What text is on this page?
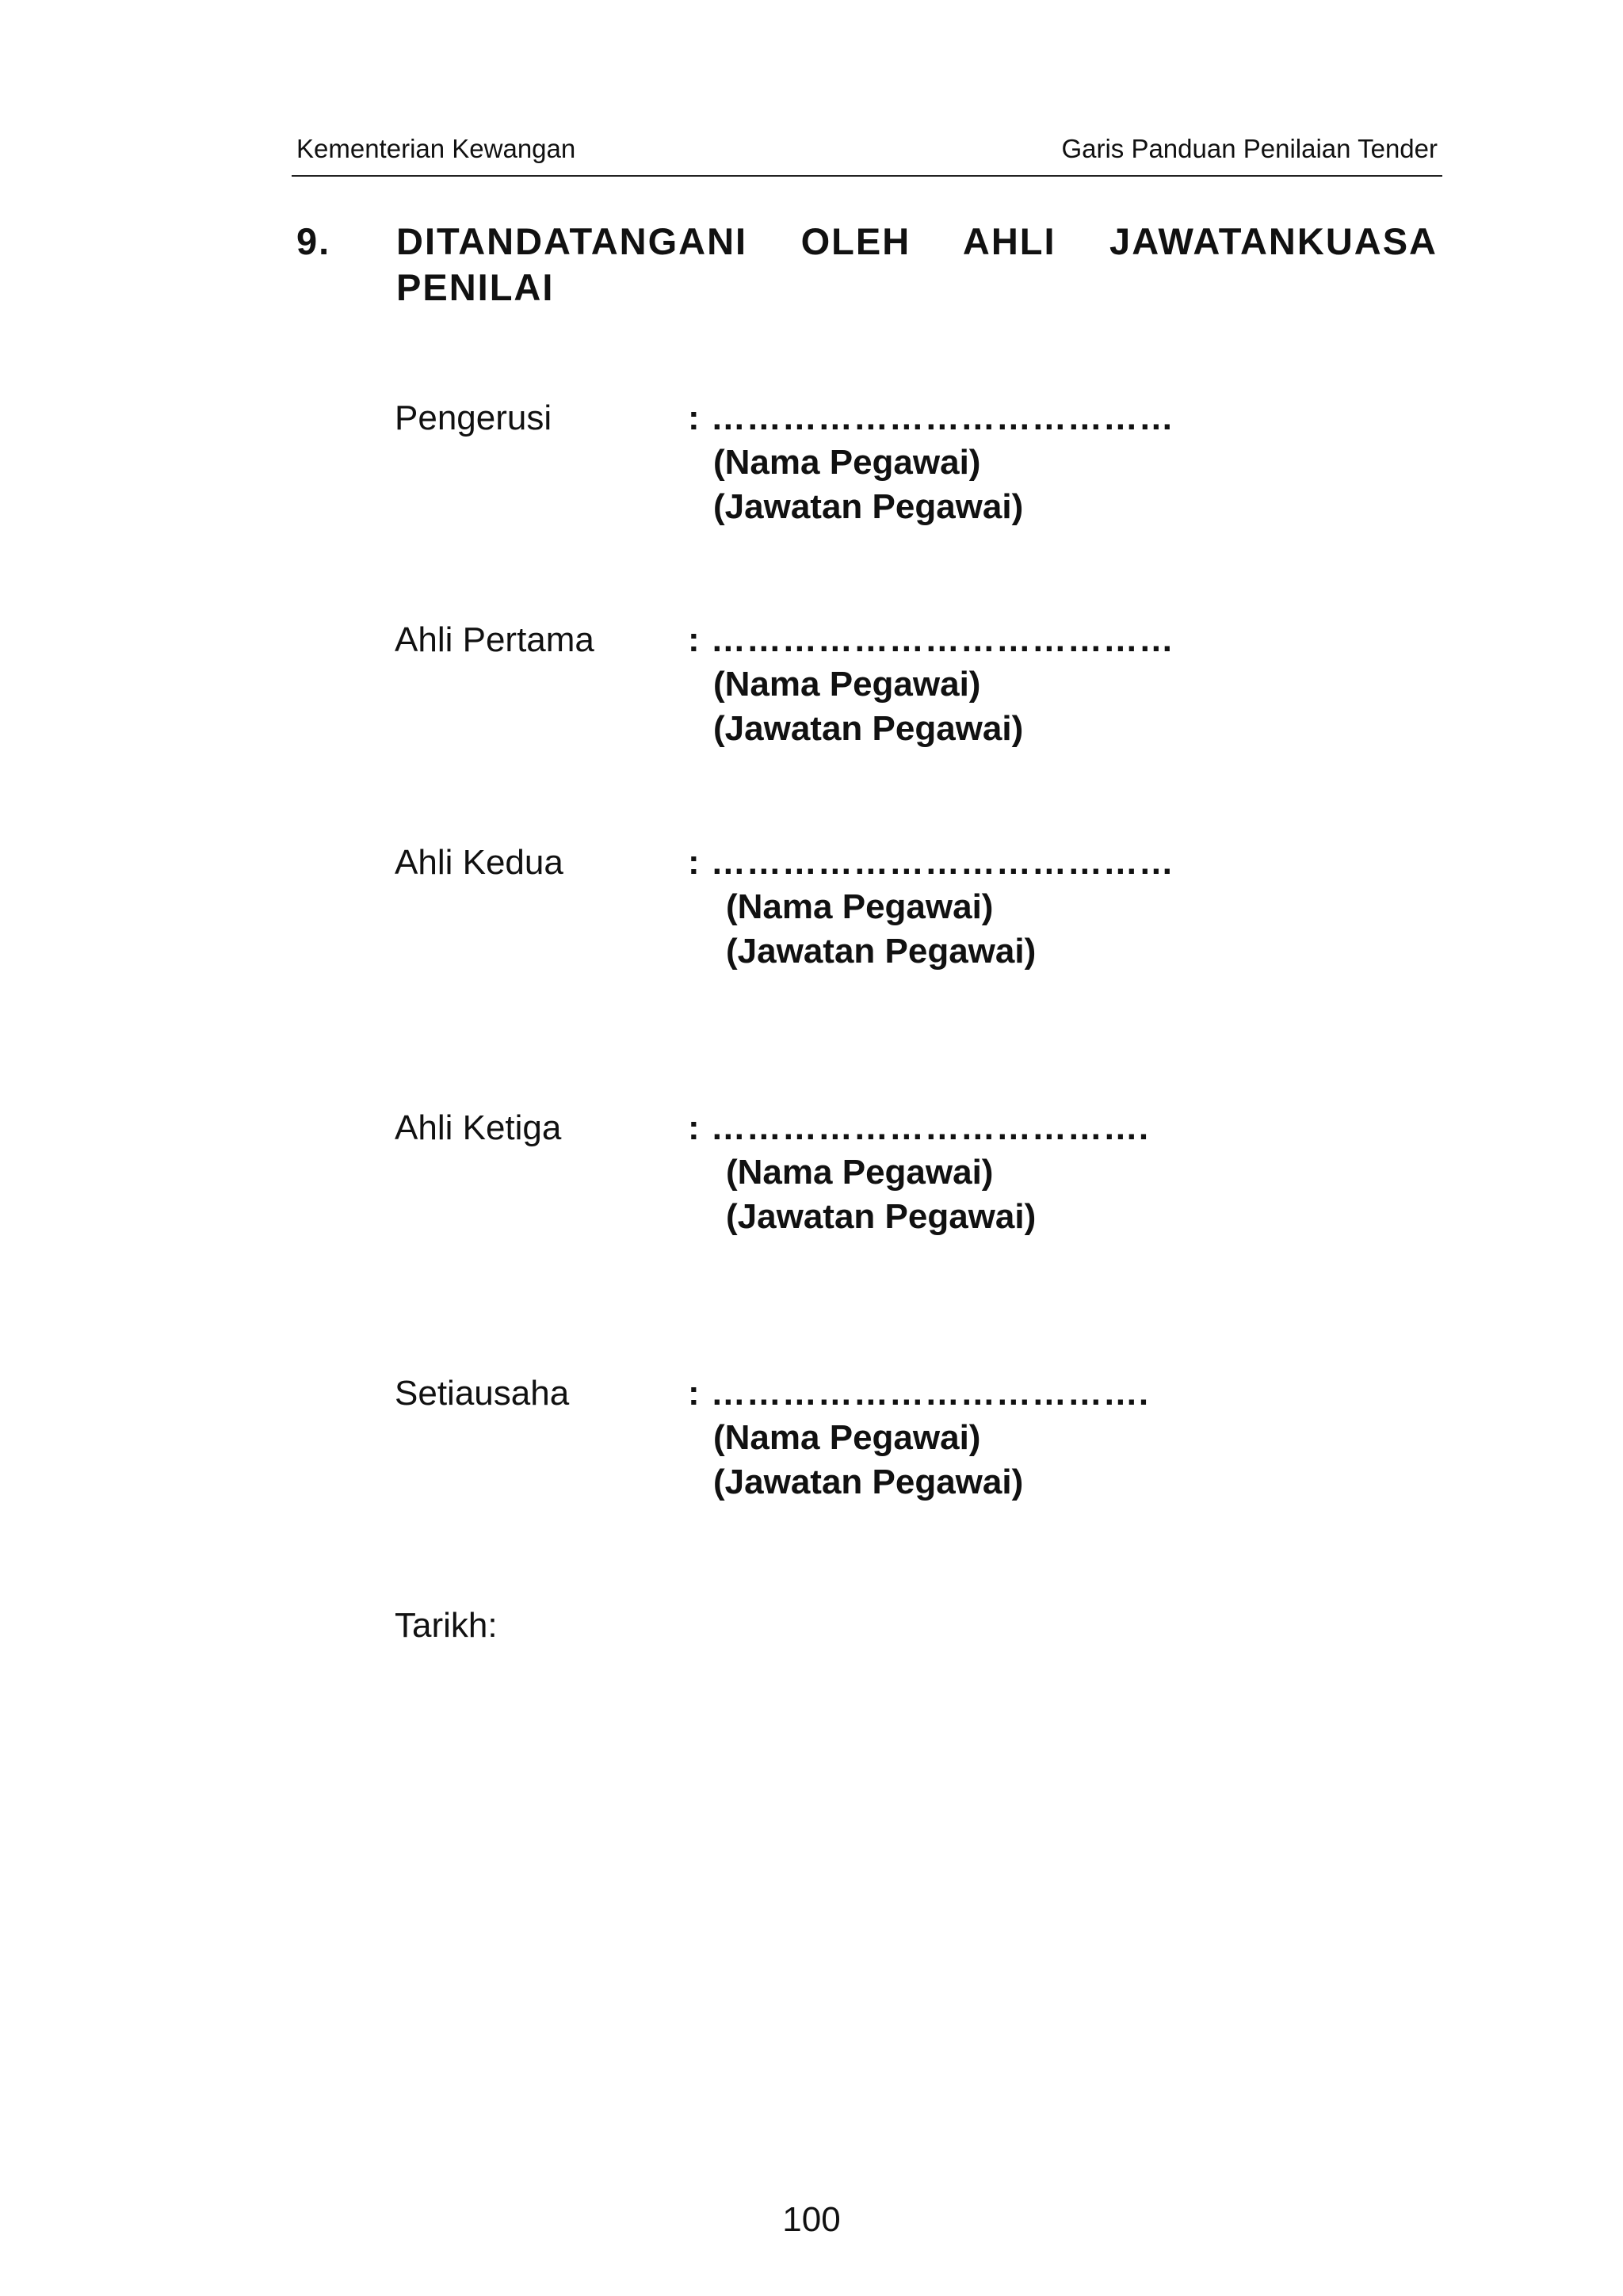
Kementerian Kewangan	Garis Panduan Penilaian Tender
9. DITANDATANGANI OLEH AHLI JAWATANKUASA PENILAI
Pengerusi	: …………………………………
(Nama Pegawai)
(Jawatan Pegawai)
Ahli Pertama	: …………………………………
(Nama Pegawai)
(Jawatan Pegawai)
Ahli Kedua	: …………………………………
(Nama Pegawai)
(Jawatan Pegawai)
Ahli Ketiga	: ……………………………….
(Nama Pegawai)
(Jawatan Pegawai)
Setiausaha	: ……………………………….
(Nama Pegawai)
(Jawatan Pegawai)
Tarikh:
100
